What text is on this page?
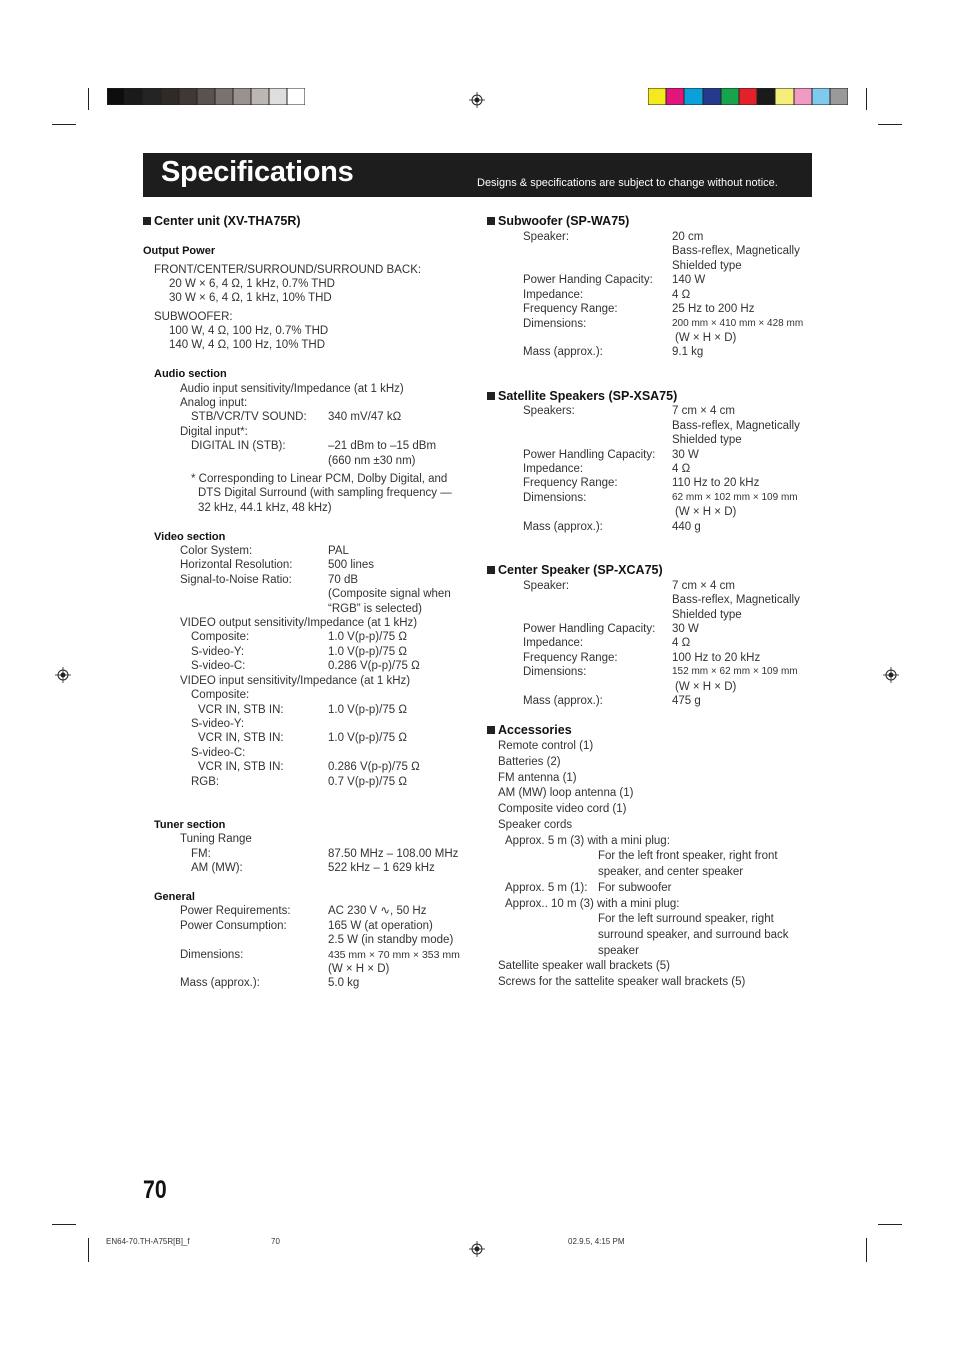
Specifications	Designs & specifications are subject to change without notice.
Center unit (XV-THA75R)
Output Power
FRONT/CENTER/SURROUND/SURROUND BACK:
20 W × 6, 4 Ω, 1 kHz, 0.7% THD
30 W × 6, 4 Ω, 1 kHz, 10% THD
SUBWOOFER:
100 W, 4 Ω, 100 Hz, 0.7% THD
140 W, 4 Ω, 100 Hz, 10% THD
Audio section
Audio input sensitivity/Impedance (at 1 kHz)
Analog input:
STB/VCR/TV SOUND: 340 mV/47 kΩ
Digital input*:
DIGITAL IN (STB):	–21 dBm to –15 dBm
(660 nm ±30 nm)
* Corresponding to Linear PCM, Dolby Digital, and
DTS Digital Surround (with sampling frequency —
32 kHz, 44.1 kHz, 48 kHz)
Video section
Color System:	PAL
Horizontal Resolution:	500 lines
Signal-to-Noise Ratio:	70 dB
(Composite signal when
“RGB” is selected)
VIDEO output sensitivity/Impedance (at 1 kHz)
Composite:	1.0 V(p-p)/75 Ω
S-video-Y:	1.0 V(p-p)/75 Ω
S-video-C:	0.286 V(p-p)/75 Ω
VIDEO input sensitivity/Impedance (at 1 kHz)
Composite:
VCR IN, STB IN:	1.0 V(p-p)/75 Ω
S-video-Y:
VCR IN, STB IN:	1.0 V(p-p)/75 Ω
S-video-C:
VCR IN, STB IN:	0.286 V(p-p)/75 Ω
RGB:	0.7 V(p-p)/75 Ω
Tuner section
Tuning Range
FM:	87.50 MHz – 108.00 MHz
AM (MW):	522 kHz – 1 629 kHz
General
Power Requirements:	AC 230 V ∿, 50 Hz
Power Consumption:	165 W (at operation)
2.5 W (in standby mode)
Dimensions:	435 mm × 70 mm × 353 mm
(W × H × D)
Mass (approx.):	5.0 kg
Subwoofer (SP-WA75)
Speaker:	20 cm
Bass-reflex, Magnetically
Shielded type
Power Handing Capacity: 140 W
Impedance:	4 Ω
Frequency Range:	25 Hz to 200 Hz
Dimensions:	200 mm × 410 mm × 428 mm
(W × H × D)
Mass (approx.):	9.1 kg
Satellite Speakers (SP-XSA75)
Speakers:	7 cm × 4 cm
Bass-reflex, Magnetically
Shielded type
Power Handling Capacity: 30 W
Impedance:	4 Ω
Frequency Range:	110 Hz to 20 kHz
Dimensions:	62 mm × 102 mm × 109 mm
(W × H × D)
Mass (approx.):	440 g
Center Speaker (SP-XCA75)
Speaker:	7 cm × 4 cm
Bass-reflex, Magnetically
Shielded type
Power Handling Capacity: 30 W
Impedance:	4 Ω
Frequency Range:	100 Hz to 20 kHz
Dimensions:	152 mm × 62 mm × 109 mm
(W × H × D)
Mass (approx.):	475 g
Accessories
Remote control (1)
Batteries (2)
FM antenna (1)
AM (MW) loop antenna (1)
Composite video cord (1)
Speaker cords
Approx. 5 m (3) with a mini plug:
For the left front speaker, right front
speaker, and center speaker
Approx. 5 m (1): For subwoofer
Approx.. 10 m (3) with a mini plug:
For the left surround speaker, right
surround speaker, and surround back
speaker
Satellite speaker wall brackets (5)
Screws for the sattelite speaker wall brackets (5)
70
EN64-70.TH-A75R[B]_f	70	02.9.5, 4:15 PM
